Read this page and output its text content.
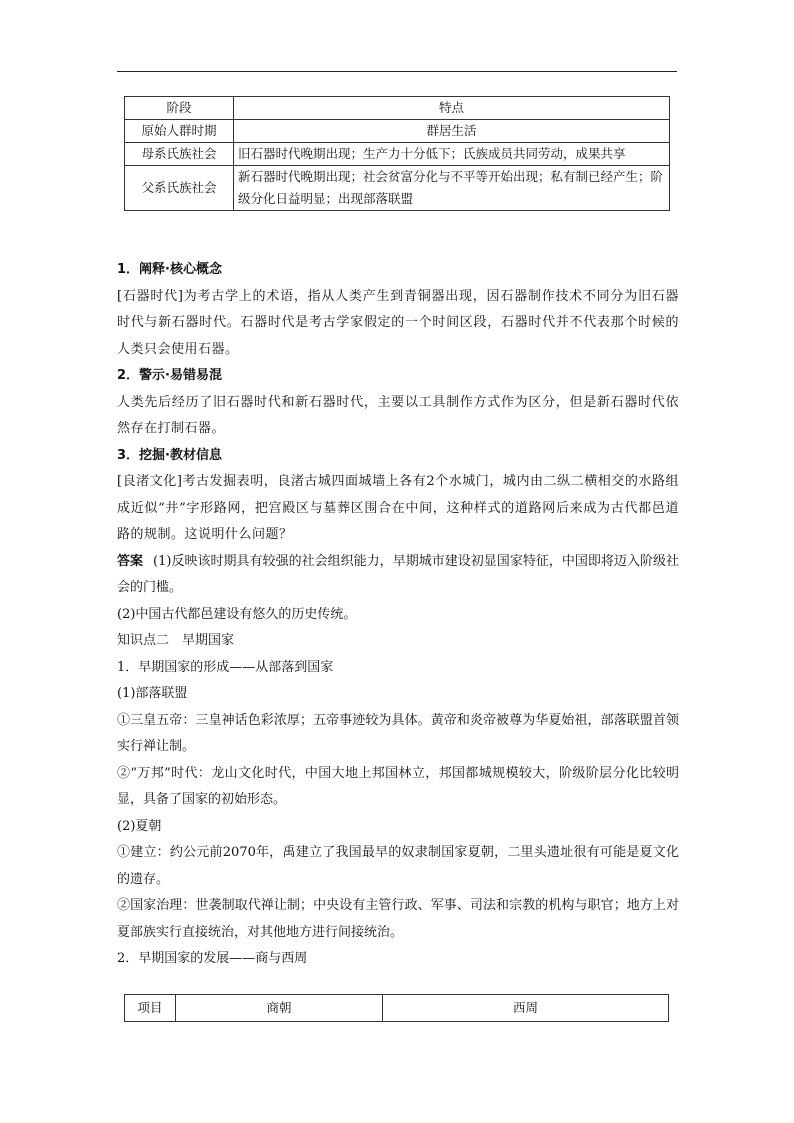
阶段	特点
原始人群时期	群居生活
母系氏族社会	旧石器时代晚期出现；生产力十分低下；氏族成员共同劳动，成果共享
父系氏族社会	新石器时代晚期出现；社会贫富分化与不平等开始出现；私有制已经产生；阶级分化日益明显；出现部落联盟

1．阐释·核心概念

[石器时代]为考古学上的术语，指从人类产生到青铜器出现，因石器制作技术不同分为旧石器时代与新石器时代。石器时代是考古学家假定的一个时间区段，石器时代并不代表那个时候的人类只会使用石器。

2．警示·易错易混

人类先后经历了旧石器时代和新石器时代，主要以工具制作方式作为区分，但是新石器时代依然存在打制石器。

3．挖掘·教材信息

[良渚文化]考古发掘表明，良渚古城四面城墙上各有2个水城门，城内由二纵二横相交的水路组成近似“井”字形路网，把宫殿区与墓葬区围合在中间，这种样式的道路网后来成为古代都邑道路的规制。这说明什么问题？

答案 (1)反映该时期具有较强的社会组织能力，早期城市建设初显国家特征，中国即将迈入阶级社会的门槛。

(2)中国古代都邑建设有悠久的历史传统。

知识点二　早期国家

1．早期国家的形成——从部落到国家

(1)部落联盟

①三皇五帝：三皇神话色彩浓厚；五帝事迹较为具体。黄帝和炎帝被尊为华夏始祖，部落联盟首领实行禅让制。

②“万邦”时代：龙山文化时代，中国大地上邦国林立，邦国都城规模较大，阶级阶层分化比较明显，具备了国家的初始形态。

(2)夏朝

①建立：约公元前2070年，禹建立了我国最早的奴隶制国家夏朝，二里头遗址很有可能是夏文化的遗存。

②国家治理：世袭制取代禅让制；中央设有主管行政、军事、司法和宗教的机构与职官；地方上对夏部族实行直接统治，对其他地方进行间接统治。

2．早期国家的发展——商与西周

项目	商朝	西周
